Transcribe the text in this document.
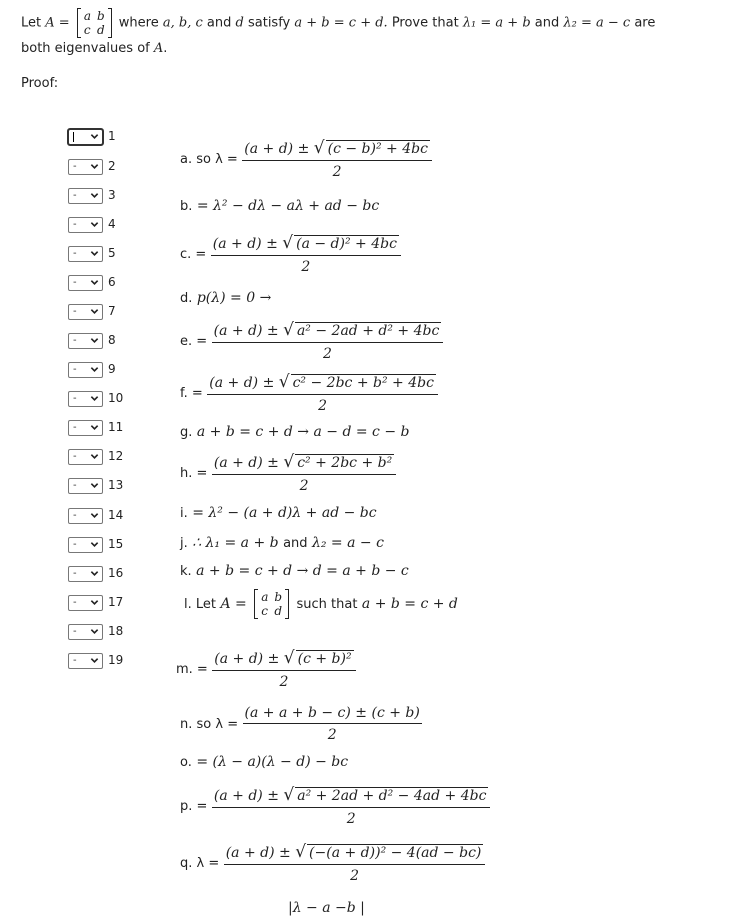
Let A = a	b
c	d where a, b, c and d satisfy a + b = c + d. Prove that λ₁ = a + b and λ₂ = a − c are
both eigenvalues of A.
Proof:
1
-	2
-	3
-	4
-	5
-	6
-	7
-	8
-	9
-	10
-	11
-	12
-	13
-	14
-	15
-	16
-	17
-	18
-	19
a. so $\lambda = \frac{\text{(a + d) ± √ (c − b)² + 4bc}}{2}$
b. = λ² − dλ − aλ + ad − bc
c. = $\frac{\text{(a + d) ± √ (a − d)² + 4bc}}{2}$
d. p(λ) = 0 →
e. = $\frac{\text{(a + d) ± √ a² − 2ad + d² + 4bc}}{2}$
f. = $\frac{\text{(a + d) ± √ c² − 2bc + b² + 4bc}}{2}$
g. a + b = c + d → a − d = c − b
h. = $\frac{\text{(a + d) ± √ c² + 2bc + b²}}{2}$
i. = λ² − (a + d)λ + ad − bc
j. ∴ λ₁ = a + b and λ₂ = a − c
k. a + b = c + d → d = a + b − c
l. Let A = a	b
c	d such that a + b = c + d
m. = $\frac{\text{(a + d) ± √ (c + b)²}}{2}$
n. so $\lambda = \frac{(a + a + b - c) \pm (c + b)}{2}$
o. = (λ − a)(λ − d) − bc
p. = $\frac{\text{(a + d) ± √ a² + 2ad + d² − 4ad + 4bc}}{2}$
q. $\lambda = \frac{\text{(a + d) ± √ (−(a + d))² − 4(ad − bc)}}{2}$
|λ − a −b |
